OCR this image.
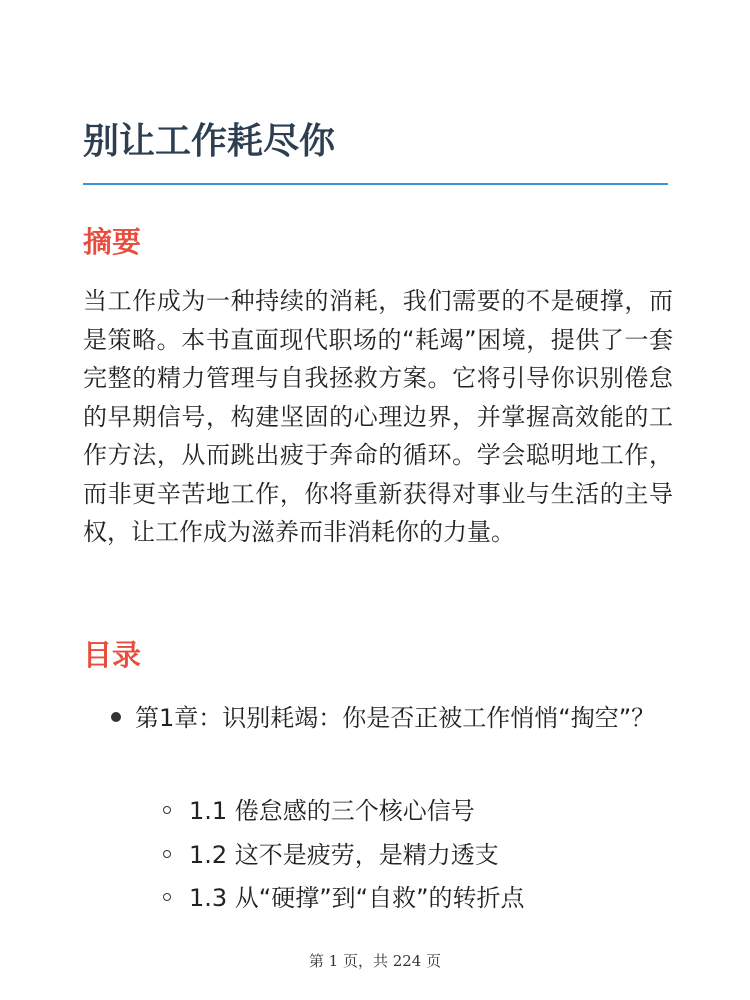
别让工作耗尽你
摘要

当工作成为一种持续的消耗，我们需要的不是硬撑，而是策略。本书直面现代职场的“耗竭”困境，提供了一套完整的精力管理与自我拯救方案。它将引导你识别倦怠的早期信号，构建坚固的心理边界，并掌握高效能的工作方法，从而跳出疲于奔命的循环。学会聪明地工作，而非更辛苦地工作，你将重新获得对事业与生活的主导权，让工作成为滋养而非消耗你的力量。

目录
第1章：识别耗竭：你是否正被工作悄悄“掏空”？
1.1 倦怠感的三个核心信号
1.2 这不是疲劳，是精力透支
1.3 从“硬撑”到“自救”的转折点
第 1 页，共 224 页
